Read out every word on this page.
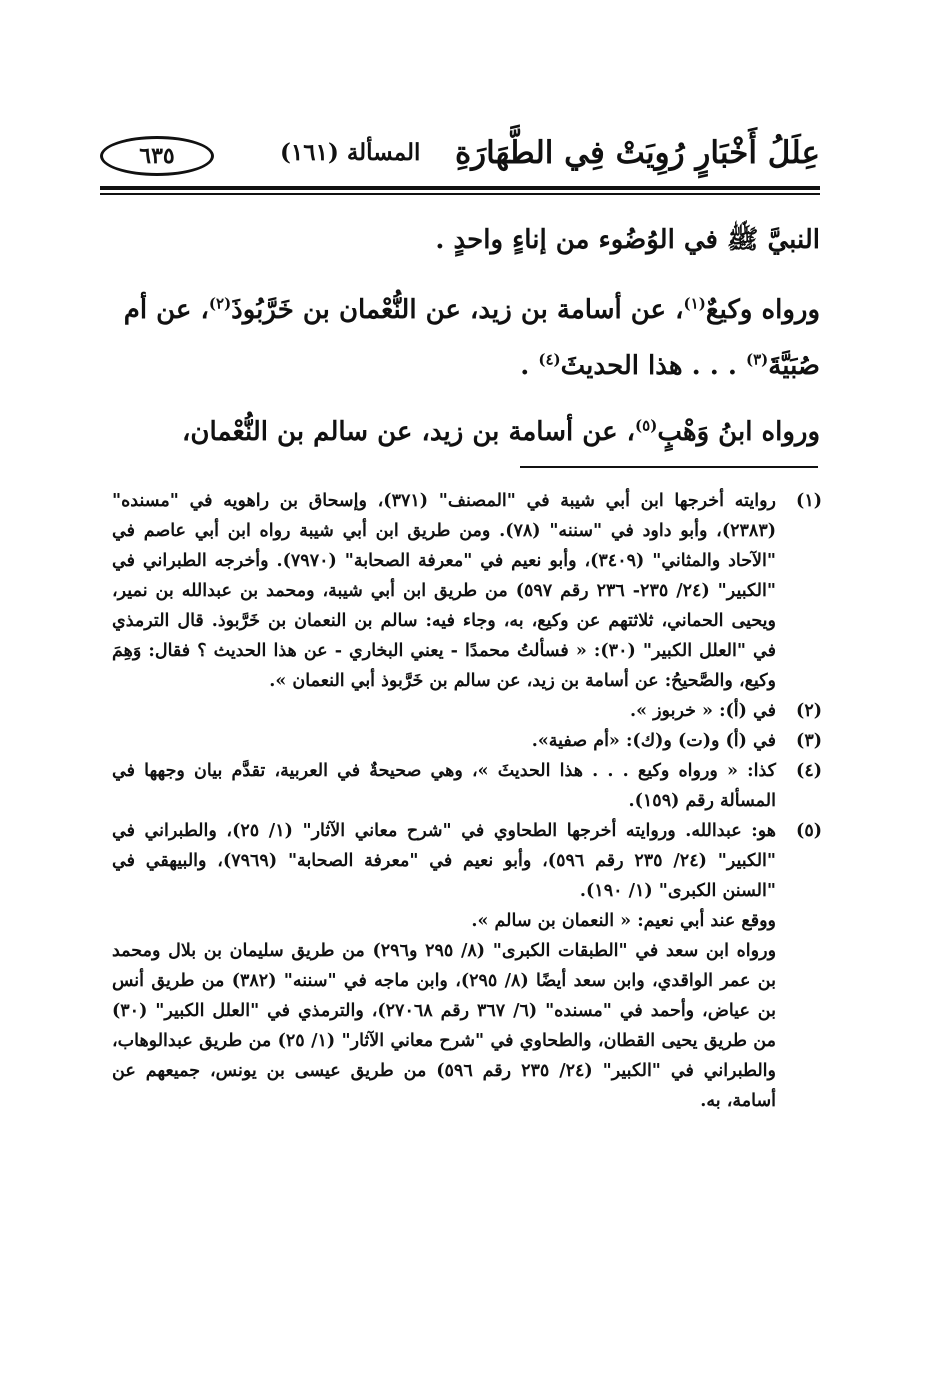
عِلَلُ أَخْبَارٍ رُوِيَتْ فِي الطَّهَارَةِ
المسألة (١٦١)
٦٣٥

النبيَّ ﷺ في الوُضُوء من إناءٍ واحدٍ .

ورواه وكيعٌ$^{(١)}$، عن أسامة بن زيد، عن النُّعْمان بن خَرَّبُوذَ$^{(٢)}$، عن أم صُبَيَّةَ$^{(٣)}$ . . . هذا الحديثَ$^{(٤)}$ .

ورواه ابنُ وَهْبٍ$^{(٥)}$، عن أسامة بن زيد، عن سالم بن النُّعْمان،

(١)

روايته أخرجها ابن أبي شيبة في "المصنف" (٣٧١)، وإسحاق بن راهويه في "مسنده" (٢٣٨٣)، وأبو داود في "سننه" (٧٨). ومن طريق ابن أبي شيبة رواه ابن أبي عاصم في "الآحاد والمثاني" (٣٤٠٩)، وأبو نعيم في "معرفة الصحابة" (٧٩٧٠). وأخرجه الطبراني في "الكبير" (٢٤/ ٢٣٥- ٢٣٦ رقم ٥٩٧) من طريق ابن أبي شيبة، ومحمد بن عبدالله بن نمير، ويحيى الحماني، ثلاثتهم عن وكيع، به، وجاء فيه: سالم بن النعمان بن خَرَّبوذ. قال الترمذي في "العلل الكبير" (٣٠): « فسألتُ محمدًا - يعني البخاري - عن هذا الحديث ؟ فقال: وَهِمَ وكيع، والصَّحيحُ: عن أسامة بن زيد، عن سالم بن خَرَّبوذ أبي النعمان ».

(٢)

في (أ): « خربوز ».

(٣)

في (أ) و(ت) و(ك): «أم صفية».

(٤)

كذا: « ورواه وكيع . . . هذا الحديثَ »، وهي صحيحةٌ في العربية، تقدَّم بيان وجهها في المسألة رقم (١٥٩).

(٥)

هو: عبدالله. وروايته أخرجها الطحاوي في "شرح معاني الآثار" (١/ ٢٥)، والطبراني في "الكبير" (٢٤/ ٢٣٥ رقم ٥٩٦)، وأبو نعيم في "معرفة الصحابة" (٧٩٦٩)، والبيهقي في "السنن الكبرى" (١/ ١٩٠).

ووقع عند أبي نعيم: « النعمان بن سالم ».

ورواه ابن سعد في "الطبقات الكبرى" (٨/ ٢٩٥ و٢٩٦) من طريق سليمان بن بلال ومحمد بن عمر الواقدي، وابن سعد أيضًا (٨/ ٢٩٥)، وابن ماجه في "سننه" (٣٨٢) من طريق أنس بن عياض، وأحمد في "مسنده" (٦/ ٣٦٧ رقم ٢٧٠٦٨)، والترمذي في "العلل الكبير" (٣٠) من طريق يحيى القطان، والطحاوي في "شرح معاني الآثار" (١/ ٢٥) من طريق عبدالوهاب، والطبراني في "الكبير" (٢٤/ ٢٣٥ رقم ٥٩٦) من طريق عيسى بن يونس، جميعهم عن أسامة، به.
